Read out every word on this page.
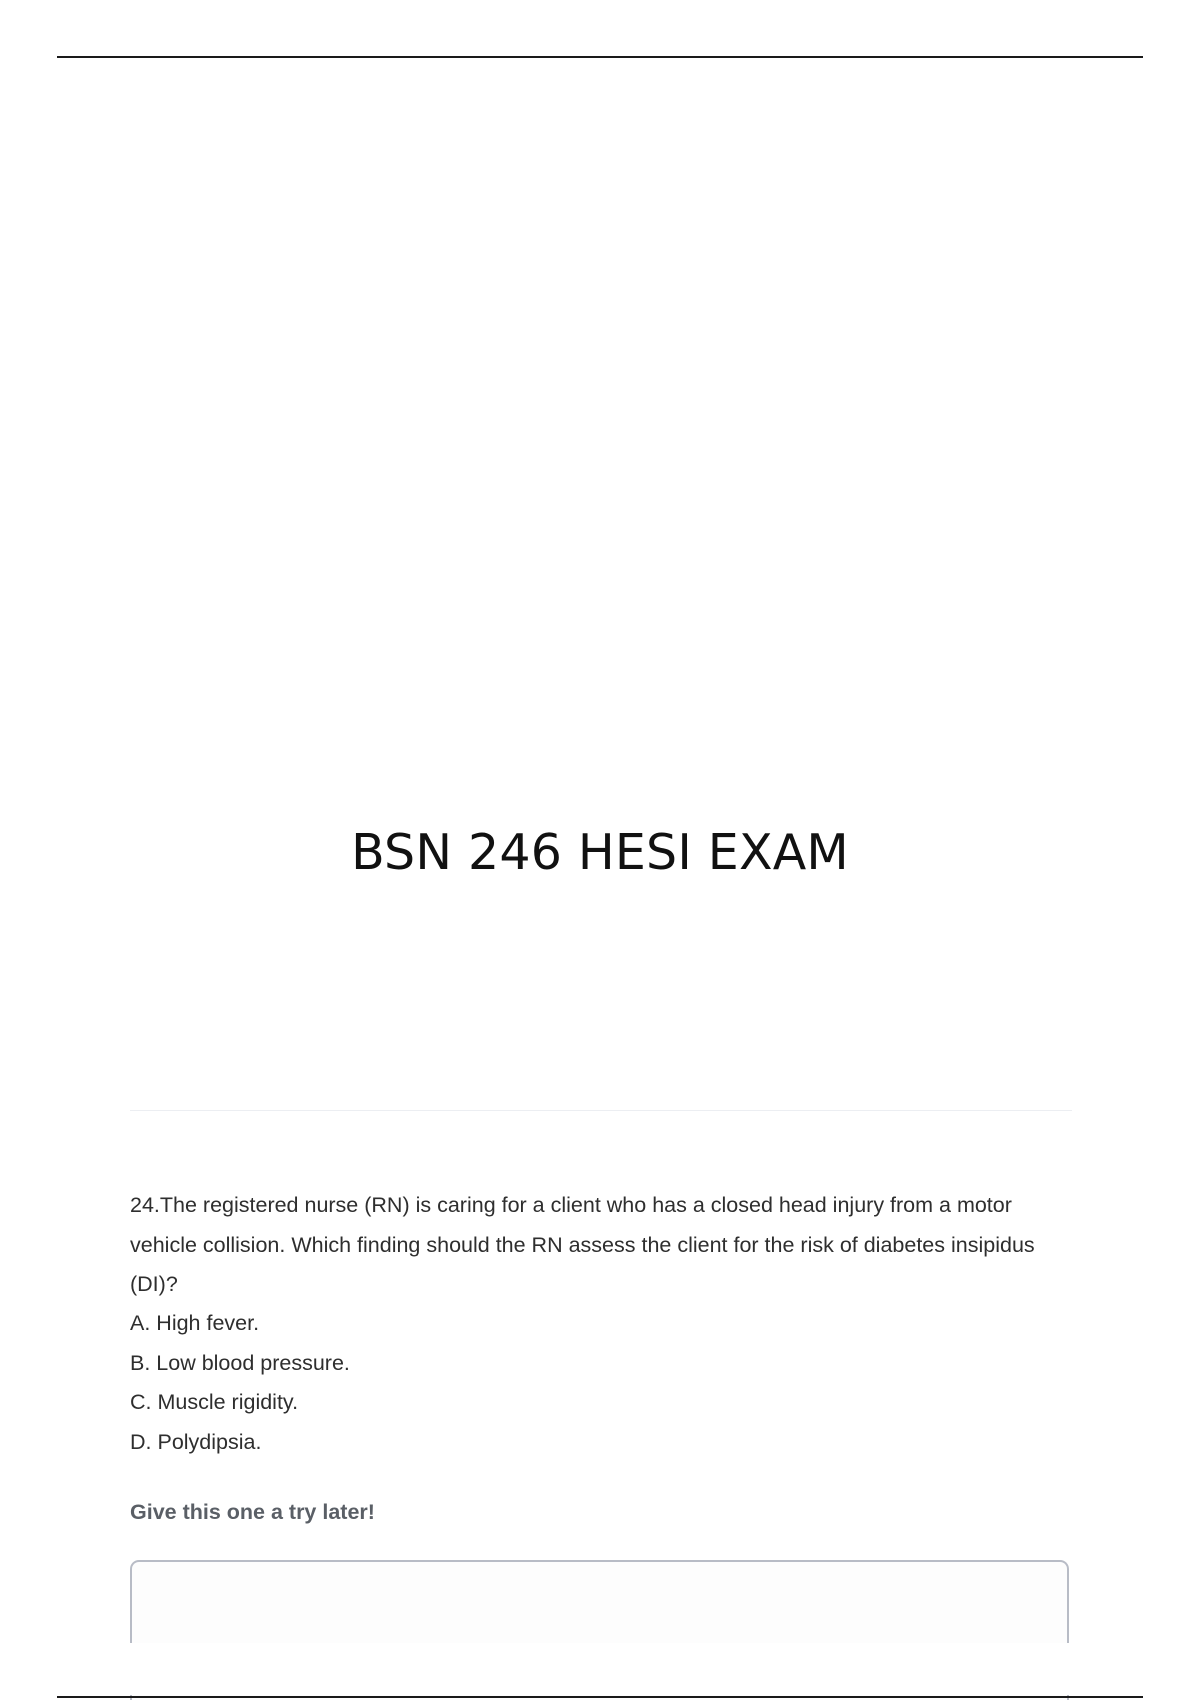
BSN 246 HESI EXAM

24.The registered nurse (RN) is caring for a client who has a closed head injury from a motor vehicle collision. Which finding should the RN assess the client for the risk of diabetes insipidus (DI)?

A. High fever.
B. Low blood pressure.
C. Muscle rigidity.
D. Polydipsia.

Give this one a try later!
